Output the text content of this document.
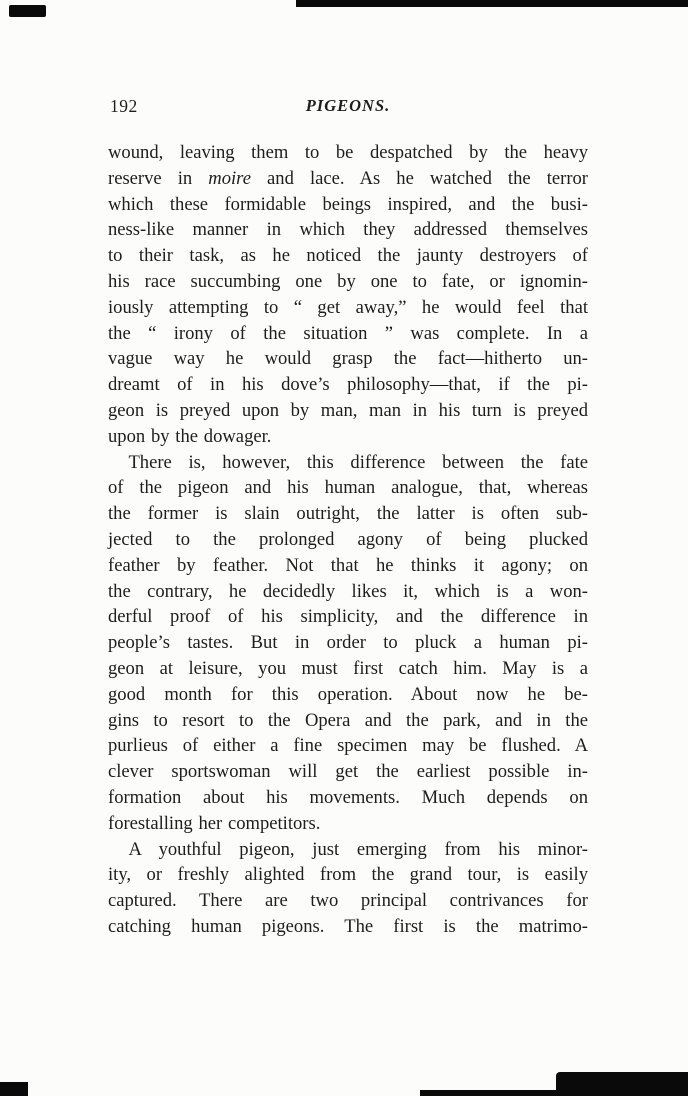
192	PIGEONS.
wound, leaving them to be despatched by the heavy
reserve in moire and lace. As he watched the terror
which these formidable beings inspired, and the busi-
ness-like manner in which they addressed themselves
to their task, as he noticed the jaunty destroyers of
his race succumbing one by one to fate, or ignomin-
iously attempting to “ get away,” he would feel that
the “ irony of the situation ” was complete. In a
vague way he would grasp the fact—hitherto un-
dreamt of in his dove’s philosophy—that, if the pi-
geon is preyed upon by man, man in his turn is preyed
upon by the dowager.
There is, however, this difference between the fate
of the pigeon and his human analogue, that, whereas
the former is slain outright, the latter is often sub-
jected to the prolonged agony of being plucked
feather by feather. Not that he thinks it agony; on
the contrary, he decidedly likes it, which is a won-
derful proof of his simplicity, and the difference in
people’s tastes. But in order to pluck a human pi-
geon at leisure, you must first catch him. May is a
good month for this operation. About now he be-
gins to resort to the Opera and the park, and in the
purlieus of either a fine specimen may be flushed. A
clever sportswoman will get the earliest possible in-
formation about his movements. Much depends on
forestalling her competitors.
A youthful pigeon, just emerging from his minor-
ity, or freshly alighted from the grand tour, is easily
captured. There are two principal contrivances for
catching human pigeons. The first is the matrimo-
